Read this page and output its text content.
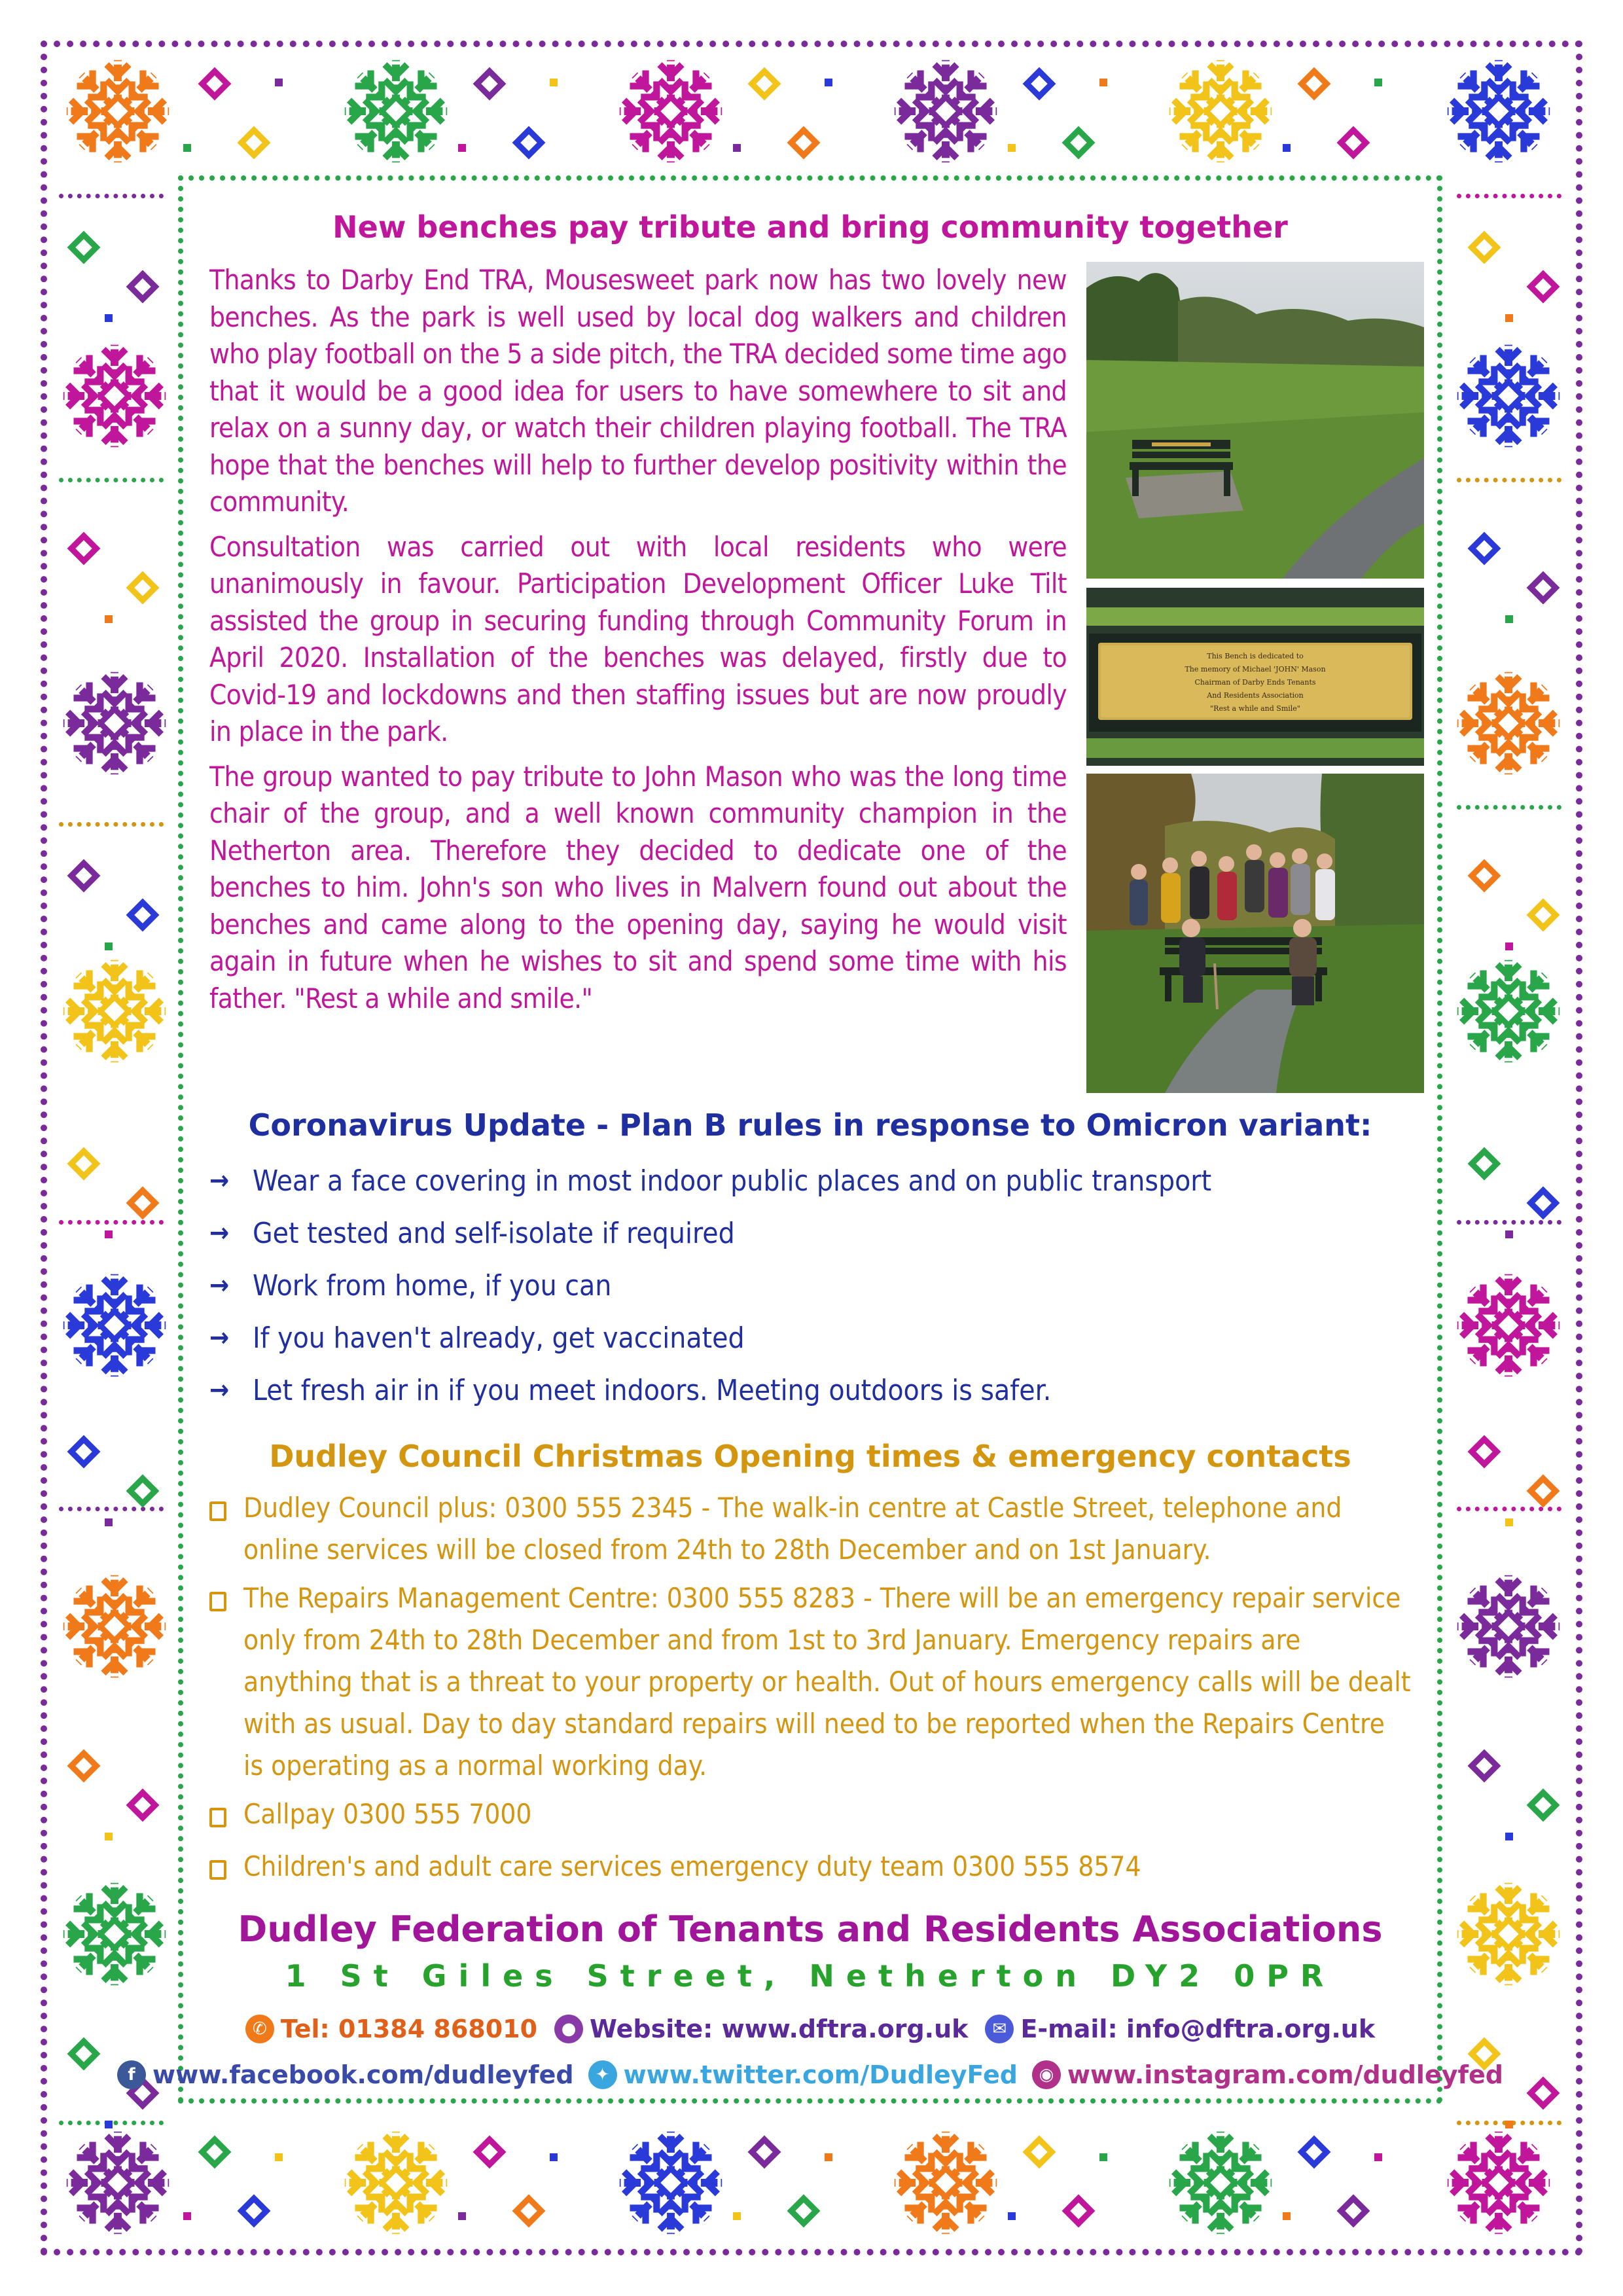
New benches pay tribute and bring community together

Thanks to Darby End TRA, Mousesweet park now has two lovely new benches. As the park is well used by local dog walkers and children who play football on the 5 a side pitch, the TRA decided some time ago that it would be a good idea for users to have somewhere to sit and relax on a sunny day, or watch their children playing football. The TRA hope that the benches will help to further develop positivity within the community.

Consultation was carried out with local residents who were unanimously in favour. Participation Development Officer Luke Tilt assisted the group in securing funding through Community Forum in April 2020. Installation of the benches was delayed, firstly due to Covid-19 and lockdowns and then staffing issues but are now proudly in place in the park.

The group wanted to pay tribute to John Mason who was the long time chair of the group, and a well known community champion in the Netherton area. Therefore they decided to dedicate one of the benches to him. John's son who lives in Malvern found out about the benches and came along to the opening day, saying he would visit again in future when he wishes to sit and spend some time with his father. "Rest a while and smile."

This Bench is dedicated to
The memory of Michael 'JOHN' Mason
Chairman of Darby Ends Tenants
And Residents Association
"Rest a while and Smile"
Coronavirus Update - Plan B rules in response to Omicron variant:
→ Wear a face covering in most indoor public places and on public transport
→ Get tested and self-isolate if required
→ Work from home, if you can
→ If you haven't already, get vaccinated
→ Let fresh air in if you meet indoors. Meeting outdoors is safer.
Dudley Council Christmas Opening times & emergency contacts
Dudley Council plus: 0300 555 2345 - The walk-in centre at Castle Street, telephone and online services will be closed from 24th to 28th December and on 1st January.
The Repairs Management Centre: 0300 555 8283 - There will be an emergency repair service only from 24th to 28th December and from 1st to 3rd January. Emergency repairs are anything that is a threat to your property or health. Out of hours emergency calls will be dealt with as usual. Day to day standard repairs will need to be reported when the Repairs Centre is operating as a normal working day.
Callpay 0300 555 7000
Children's and adult care services emergency duty team 0300 555 8574
Dudley Federation of Tenants and Residents Associations
1 St Giles Street, Netherton DY2 0PR
✆ Tel: 01384 868010	● Website: www.dftra.org.uk	✉ E-mail: info@dftra.org.uk
f www.facebook.com/dudleyfed	✦ www.twitter.com/DudleyFed	◉ www.instagram.com/dudleyfed
